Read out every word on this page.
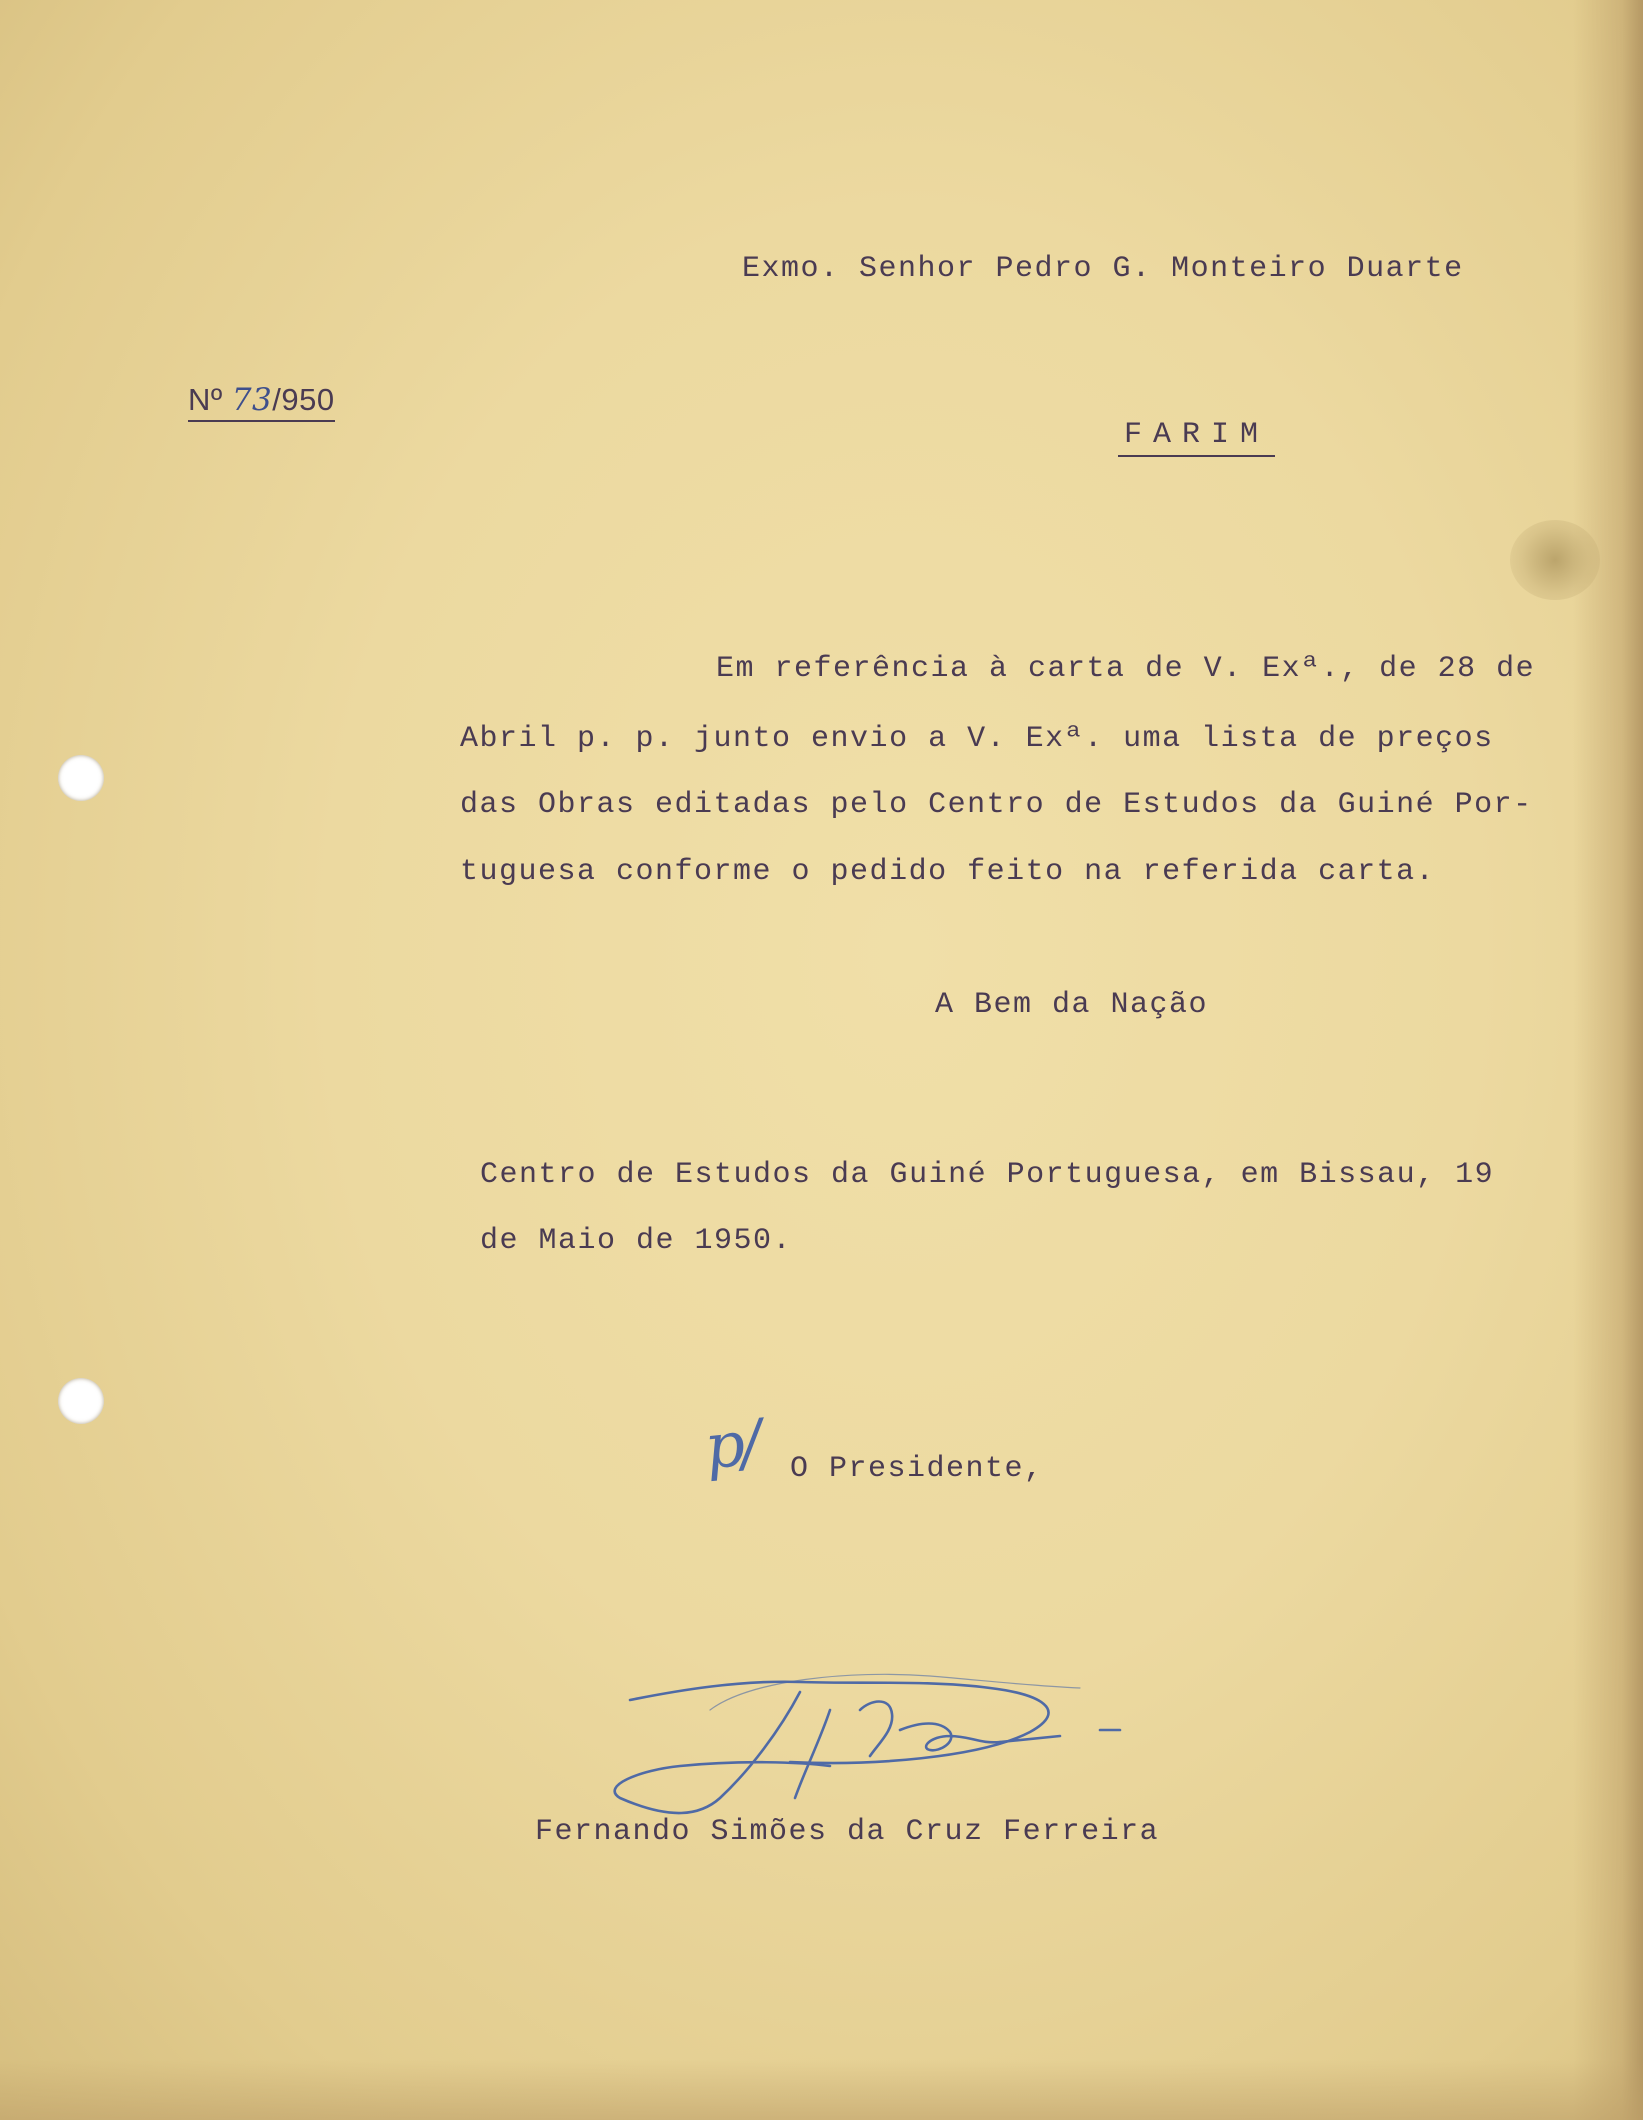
Exmo. Senhor Pedro G. Monteiro Duarte
Nº 73/950
FARIM
Em referência à carta de V. Exª., de 28 de
Abril p. p. junto envio a V. Exª. uma lista de preços
das Obras editadas pelo Centro de Estudos da Guiné Por-
tuguesa conforme o pedido feito na referida carta.
A Bem da Nação
Centro de Estudos da Guiné Portuguesa, em Bissau, 19
de Maio de 1950.
p/ O Presidente,
Fernando Simões da Cruz Ferreira
